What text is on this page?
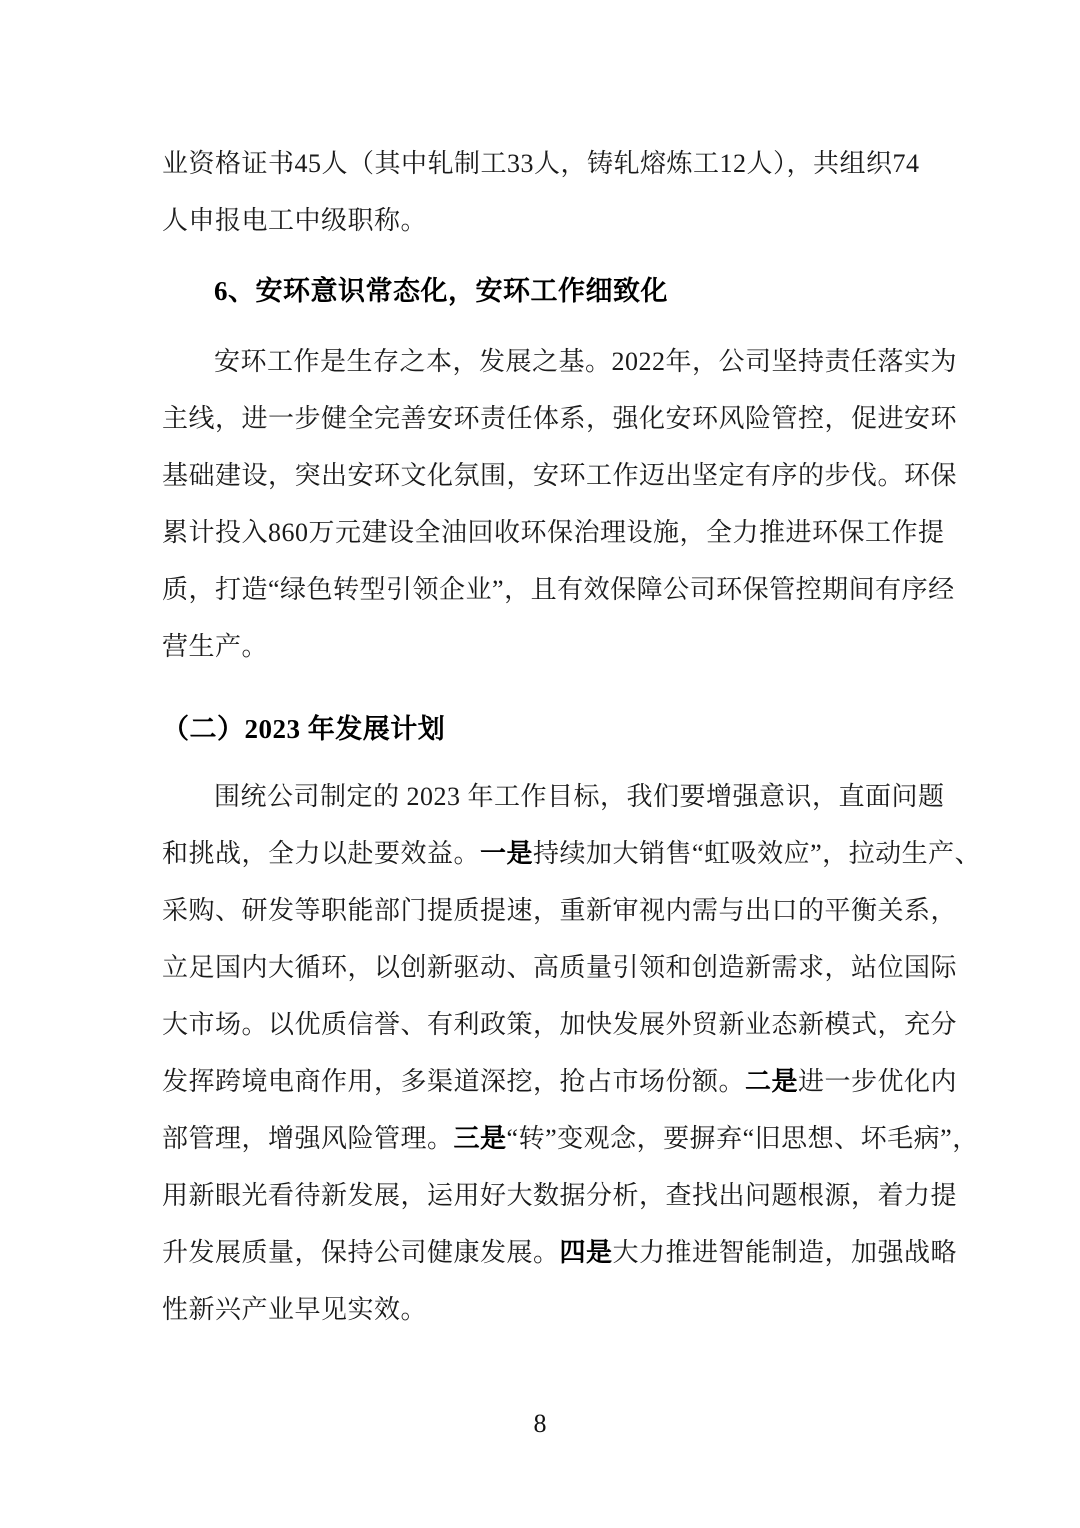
业资格证书45人（其中轧制工33人，铸轧熔炼工12人），共组织74
人申报电工中级职称。
6、安环意识常态化，安环工作细致化
安环工作是生存之本，发展之基。2022年，公司坚持责任落实为
主线，进一步健全完善安环责任体系，强化安环风险管控，促进安环
基础建设，突出安环文化氛围，安环工作迈出坚定有序的步伐。环保
累计投入860万元建设全油回收环保治理设施，全力推进环保工作提
质，打造“绿色转型引领企业”，且有效保障公司环保管控期间有序经
营生产。
（二）2023 年发展计划
围统公司制定的 2023 年工作目标，我们要增强意识，直面问题
和挑战，全力以赴要效益。一是持续加大销售“虹吸效应”，拉动生产、
采购、研发等职能部门提质提速，重新审视内需与出口的平衡关系，
立足国内大循环，以创新驱动、高质量引领和创造新需求，站位国际
大市场。以优质信誉、有利政策，加快发展外贸新业态新模式，充分
发挥跨境电商作用，多渠道深挖，抢占市场份额。二是进一步优化内
部管理，增强风险管理。三是“转”变观念，要摒弃“旧思想、坏毛病”，
用新眼光看待新发展，运用好大数据分析，查找出问题根源，着力提
升发展质量，保持公司健康发展。四是大力推进智能制造，加强战略
性新兴产业早见实效。
8
